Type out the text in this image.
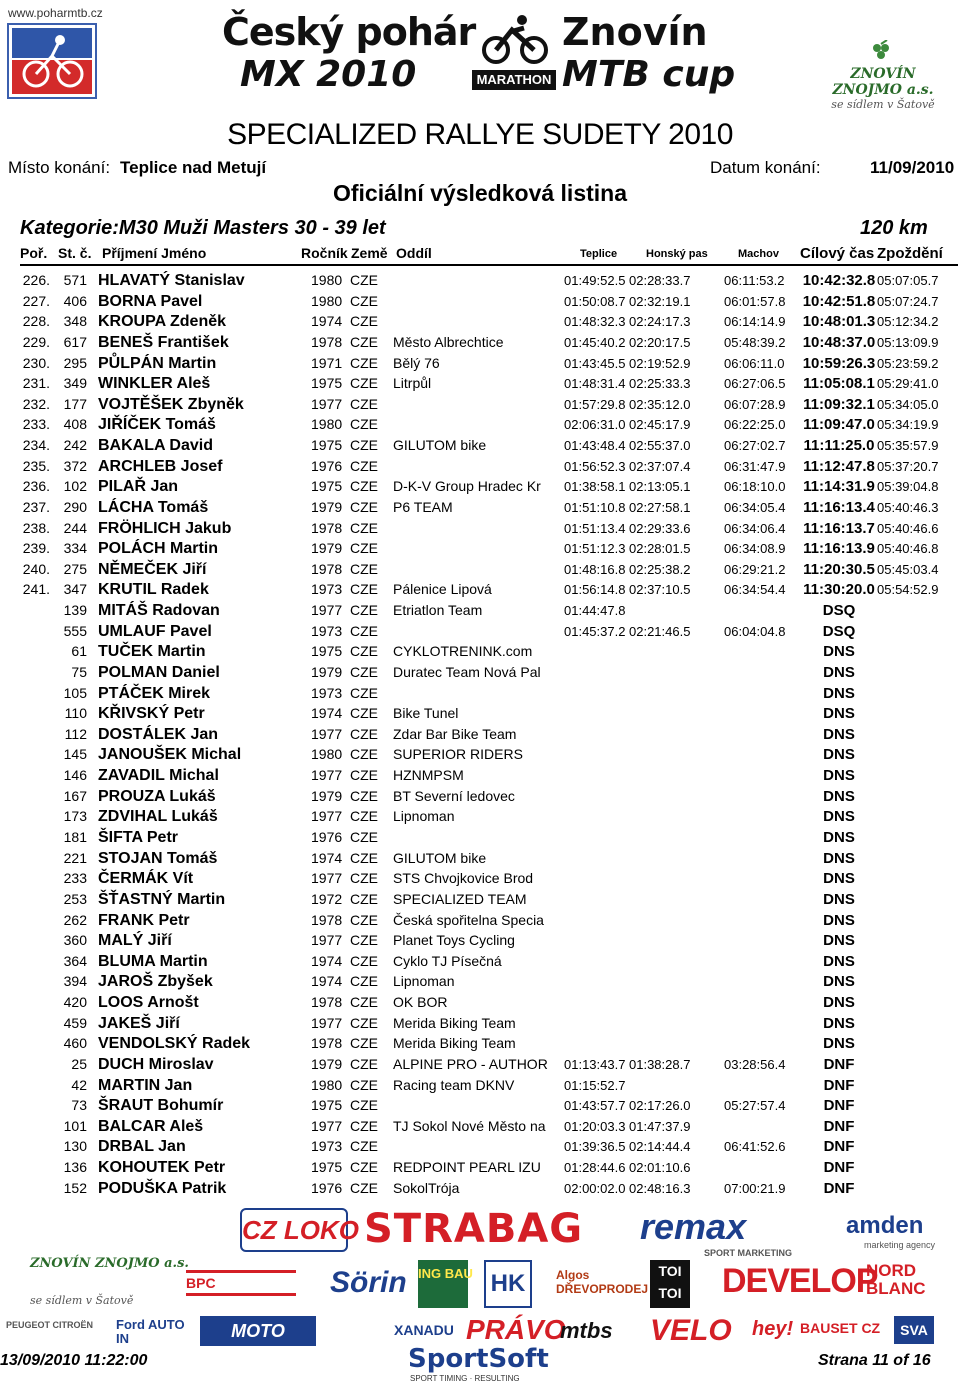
www.poharmtb.cz	Český pohár
MX 2010	MARATHON
Znovín
MTB cup	ZNOVÍN ZNOJMO a.s.
se sídlem v Šatově
SPECIALIZED RALLYE SUDETY 2010
Místo konání: Teplice nad Metují	Datum konání:	11/09/2010
Oficiální výsledková listina
Kategorie:M30 Muži Masters 30 - 39 let	120 km
Poř. St. č. Příjmení Jméno	Ročník Země Oddíl	Teplice	Honský pas	Machov Cílový čas Zpoždění
226. 571 HLAVATÝ Stanislav	1980 CZE	01:49:52.5 02:28:33.7	06:11:53.2 10:42:32.8 05:07:05.7
227. 406 BORNA Pavel	1980 CZE	01:50:08.7 02:32:19.1	06:01:57.8 10:42:51.8 05:07:24.7
228. 348 KROUPA Zdeněk	1974 CZE	01:48:32.3 02:24:17.3	06:14:14.9 10:48:01.3 05:12:34.2
229. 617 BENEŠ František	1978 CZE Město Albrechtice	01:45:40.2 02:20:17.5	05:48:39.2 10:48:37.0 05:13:09.9
230. 295 PŮLPÁN Martin	1971 CZE Bělý 76	01:43:45.5 02:19:52.9	06:06:11.0 10:59:26.3 05:23:59.2
231. 349 WINKLER Aleš	1975 CZE Litrpůl	01:48:31.4 02:25:33.3	06:27:06.5 11:05:08.1 05:29:41.0
232. 177 VOJTĚŠEK Zbyněk	1977 CZE	01:57:29.8 02:35:12.0	06:07:28.9 11:09:32.1 05:34:05.0
233. 408 JIŘÍČEK Tomáš	1980 CZE	02:06:31.0 02:45:17.9	06:22:25.0 11:09:47.0 05:34:19.9
234. 242 BAKALA David	1975 CZE GILUTOM bike	01:43:48.4 02:55:37.0	06:27:02.7 11:11:25.0 05:35:57.9
235. 372 ARCHLEB Josef	1976 CZE	01:56:52.3 02:37:07.4	06:31:47.9 11:12:47.8 05:37:20.7
236. 102 PILAŘ Jan	1975 CZE D-K-V Group Hradec Kr	01:38:58.1 02:13:05.1	06:18:10.0 11:14:31.9 05:39:04.8
237. 290 LÁCHA Tomáš	1979 CZE P6 TEAM	01:51:10.8 02:27:58.1	06:34:05.4 11:16:13.4 05:40:46.3
238. 244 FRÖHLICH Jakub	1978 CZE	01:51:13.4 02:29:33.6	06:34:06.4 11:16:13.7 05:40:46.6
239. 334 POLÁCH Martin	1979 CZE	01:51:12.3 02:28:01.5	06:34:08.9 11:16:13.9 05:40:46.8
240. 275 NĚMEČEK Jiří	1978 CZE	01:48:16.8 02:25:38.2	06:29:21.2 11:20:30.5 05:45:03.4
241. 347 KRUTIL Radek	1973 CZE Pálenice Lipová	01:56:14.8 02:37:10.5	06:34:54.4 11:30:20.0 05:54:52.9
139 MITÁŠ Radovan	1977 CZE Etriatlon Team	01:44:47.8	DSQ
555 UMLAUF Pavel	1973 CZE	01:45:37.2 02:21:46.5	06:04:04.8	DSQ
61 TUČEK Martin	1975 CZE CYKLOTRENINK.com	DNS
75 POLMAN Daniel	1979 CZE Duratec Team Nová Pal	DNS
105 PTÁČEK Mirek	1973 CZE	DNS
110 KŘIVSKÝ Petr	1974 CZE Bike Tunel	DNS
112 DOSTÁLEK Jan	1977 CZE Zdar Bar Bike Team	DNS
145 JANOUŠEK Michal	1980 CZE SUPERIOR RIDERS	DNS
146 ZAVADIL Michal	1977 CZE HZNMPSM	DNS
167 PROUZA Lukáš	1979 CZE BT Severní ledovec	DNS
173 ZDVIHAL Lukáš	1977 CZE Lipnoman	DNS
181 ŠIFTA Petr	1976 CZE	DNS
221 STOJAN Tomáš	1974 CZE GILUTOM bike	DNS
233 ČERMÁK Vít	1977 CZE STS Chvojkovice Brod	DNS
253 ŠŤASTNÝ Martin	1972 CZE SPECIALIZED TEAM	DNS
262 FRANK Petr	1978 CZE Česká spořitelna Specia	DNS
360 MALÝ Jiří	1977 CZE Planet Toys Cycling	DNS
364 BLUMA Martin	1974 CZE Cyklo TJ Písečná	DNS
394 JAROŠ Zbyšek	1974 CZE Lipnoman	DNS
420 LOOS Arnošt	1978 CZE OK BOR	DNS
459 JAKEŠ Jiří	1977 CZE Merida Biking Team	DNS
460 VENDOLSKÝ Radek	1978 CZE Merida Biking Team	DNS
25 DUCH Miroslav	1979 CZE ALPINE PRO - AUTHOR	01:13:43.7 01:38:28.7	03:28:56.4	DNF
42 MARTIN Jan	1980 CZE Racing team DKNV	01:15:52.7	DNF
73 ŠRAUT Bohumír	1975 CZE	01:43:57.7 02:17:26.0	05:27:57.4	DNF
101 BALCAR Aleš	1977 CZE TJ Sokol Nové Město na	01:20:03.3 01:47:37.9	DNF
130 DRBAL Jan	1973 CZE	01:39:36.5 02:14:44.4	06:41:52.6	DNF
136 KOHOUTEK Petr	1975 CZE REDPOINT PEARL IZU	01:28:44.6 02:01:10.6	DNF
152 PODUŠKA Patrik	1976 CZE SokolTrója	02:00:02.0 02:48:16.3	07:00:21.9	DNF
CZ LOKO STRABAG remax
SPORT MARKETING
amden
marketing agency
ZNOVÍN ZNOJMO a.s.
se sídlem v Šatově
BPC	Sörin ING BAU HK	Algos DŘEVOPRODEJ
TOI TOI DEVELOP
NORD BLANC
PEUGEOT CITROËN	Ford AUTO IN	MOTO	XANADU PRÁVO
mtbs VELO hey! BAUSET CZ	SVA
13/09/2010 11:22:00	SportSoft
SPORT TIMING · RESULTING
Strana 11 of 16
